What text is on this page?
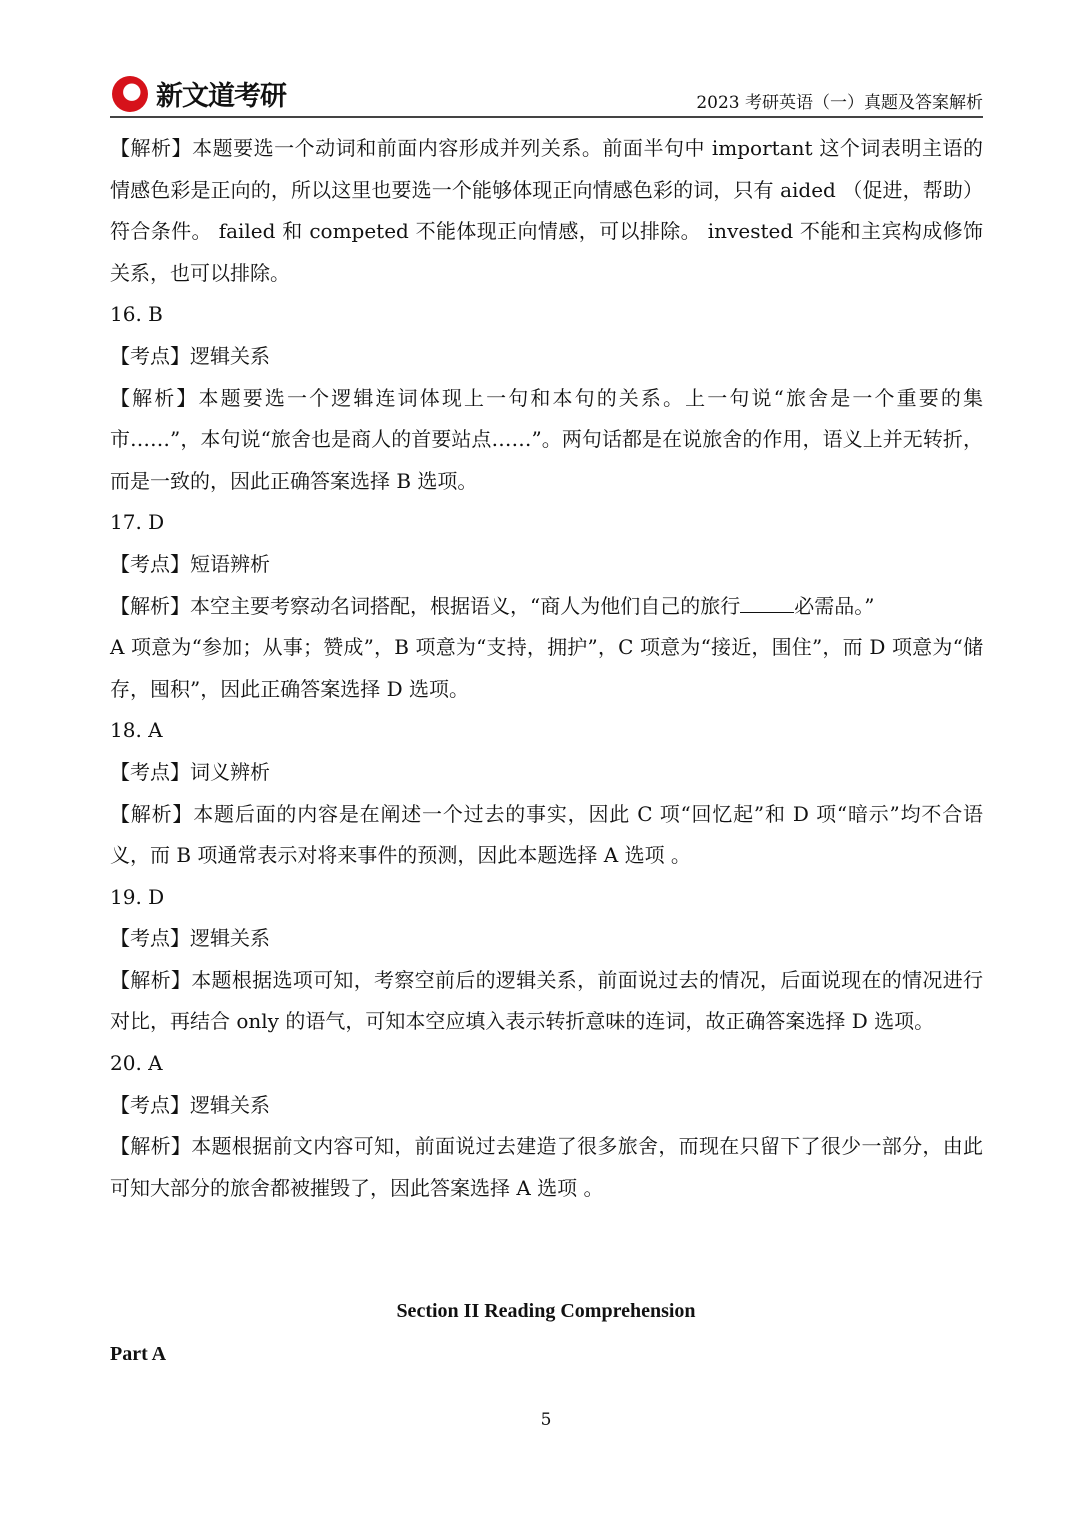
新文道考研	2023 考研英语（一）真题及答案解析

【解析】本题要选一个动词和前面内容形成并列关系。前面半句中 important 这个词表明主语的情感色彩是正向的，所以这里也要选一个能够体现正向情感色彩的词，只有 aided （促进，帮助）符合条件。 failed 和 competed 不能体现正向情感，可以排除。 invested 不能和主宾构成修饰关系，也可以排除。

16. B

【考点】逻辑关系

【解析】本题要选一个逻辑连词体现上一句和本句的关系。上一句说“旅舍是一个重要的集市……”，本句说“旅舍也是商人的首要站点……”。两句话都是在说旅舍的作用，语义上并无转折，而是一致的，因此正确答案选择 B 选项。

17. D

【考点】短语辨析

【解析】本空主要考察动名词搭配，根据语义，“商人为他们自己的旅行	必需品。”

A 项意为“参加；从事；赞成”，B 项意为“支持，拥护”，C 项意为“接近，围住”，而 D 项意为“储存，囤积”，因此正确答案选择 D 选项。

18. A

【考点】词义辨析

【解析】本题后面的内容是在阐述一个过去的事实，因此 C 项“回忆起”和 D 项“暗示”均不合语义，而 B 项通常表示对将来事件的预测，因此本题选择 A 选项 。

19. D

【考点】逻辑关系

【解析】本题根据选项可知，考察空前后的逻辑关系，前面说过去的情况，后面说现在的情况进行对比，再结合 only 的语气，可知本空应填入表示转折意味的连词，故正确答案选择 D 选项。

20. A

【考点】逻辑关系

【解析】本题根据前文内容可知，前面说过去建造了很多旅舍，而现在只留下了很少一部分，由此可知大部分的旅舍都被摧毁了，因此答案选择 A 选项 。

Section II Reading Comprehension
Part A
5
